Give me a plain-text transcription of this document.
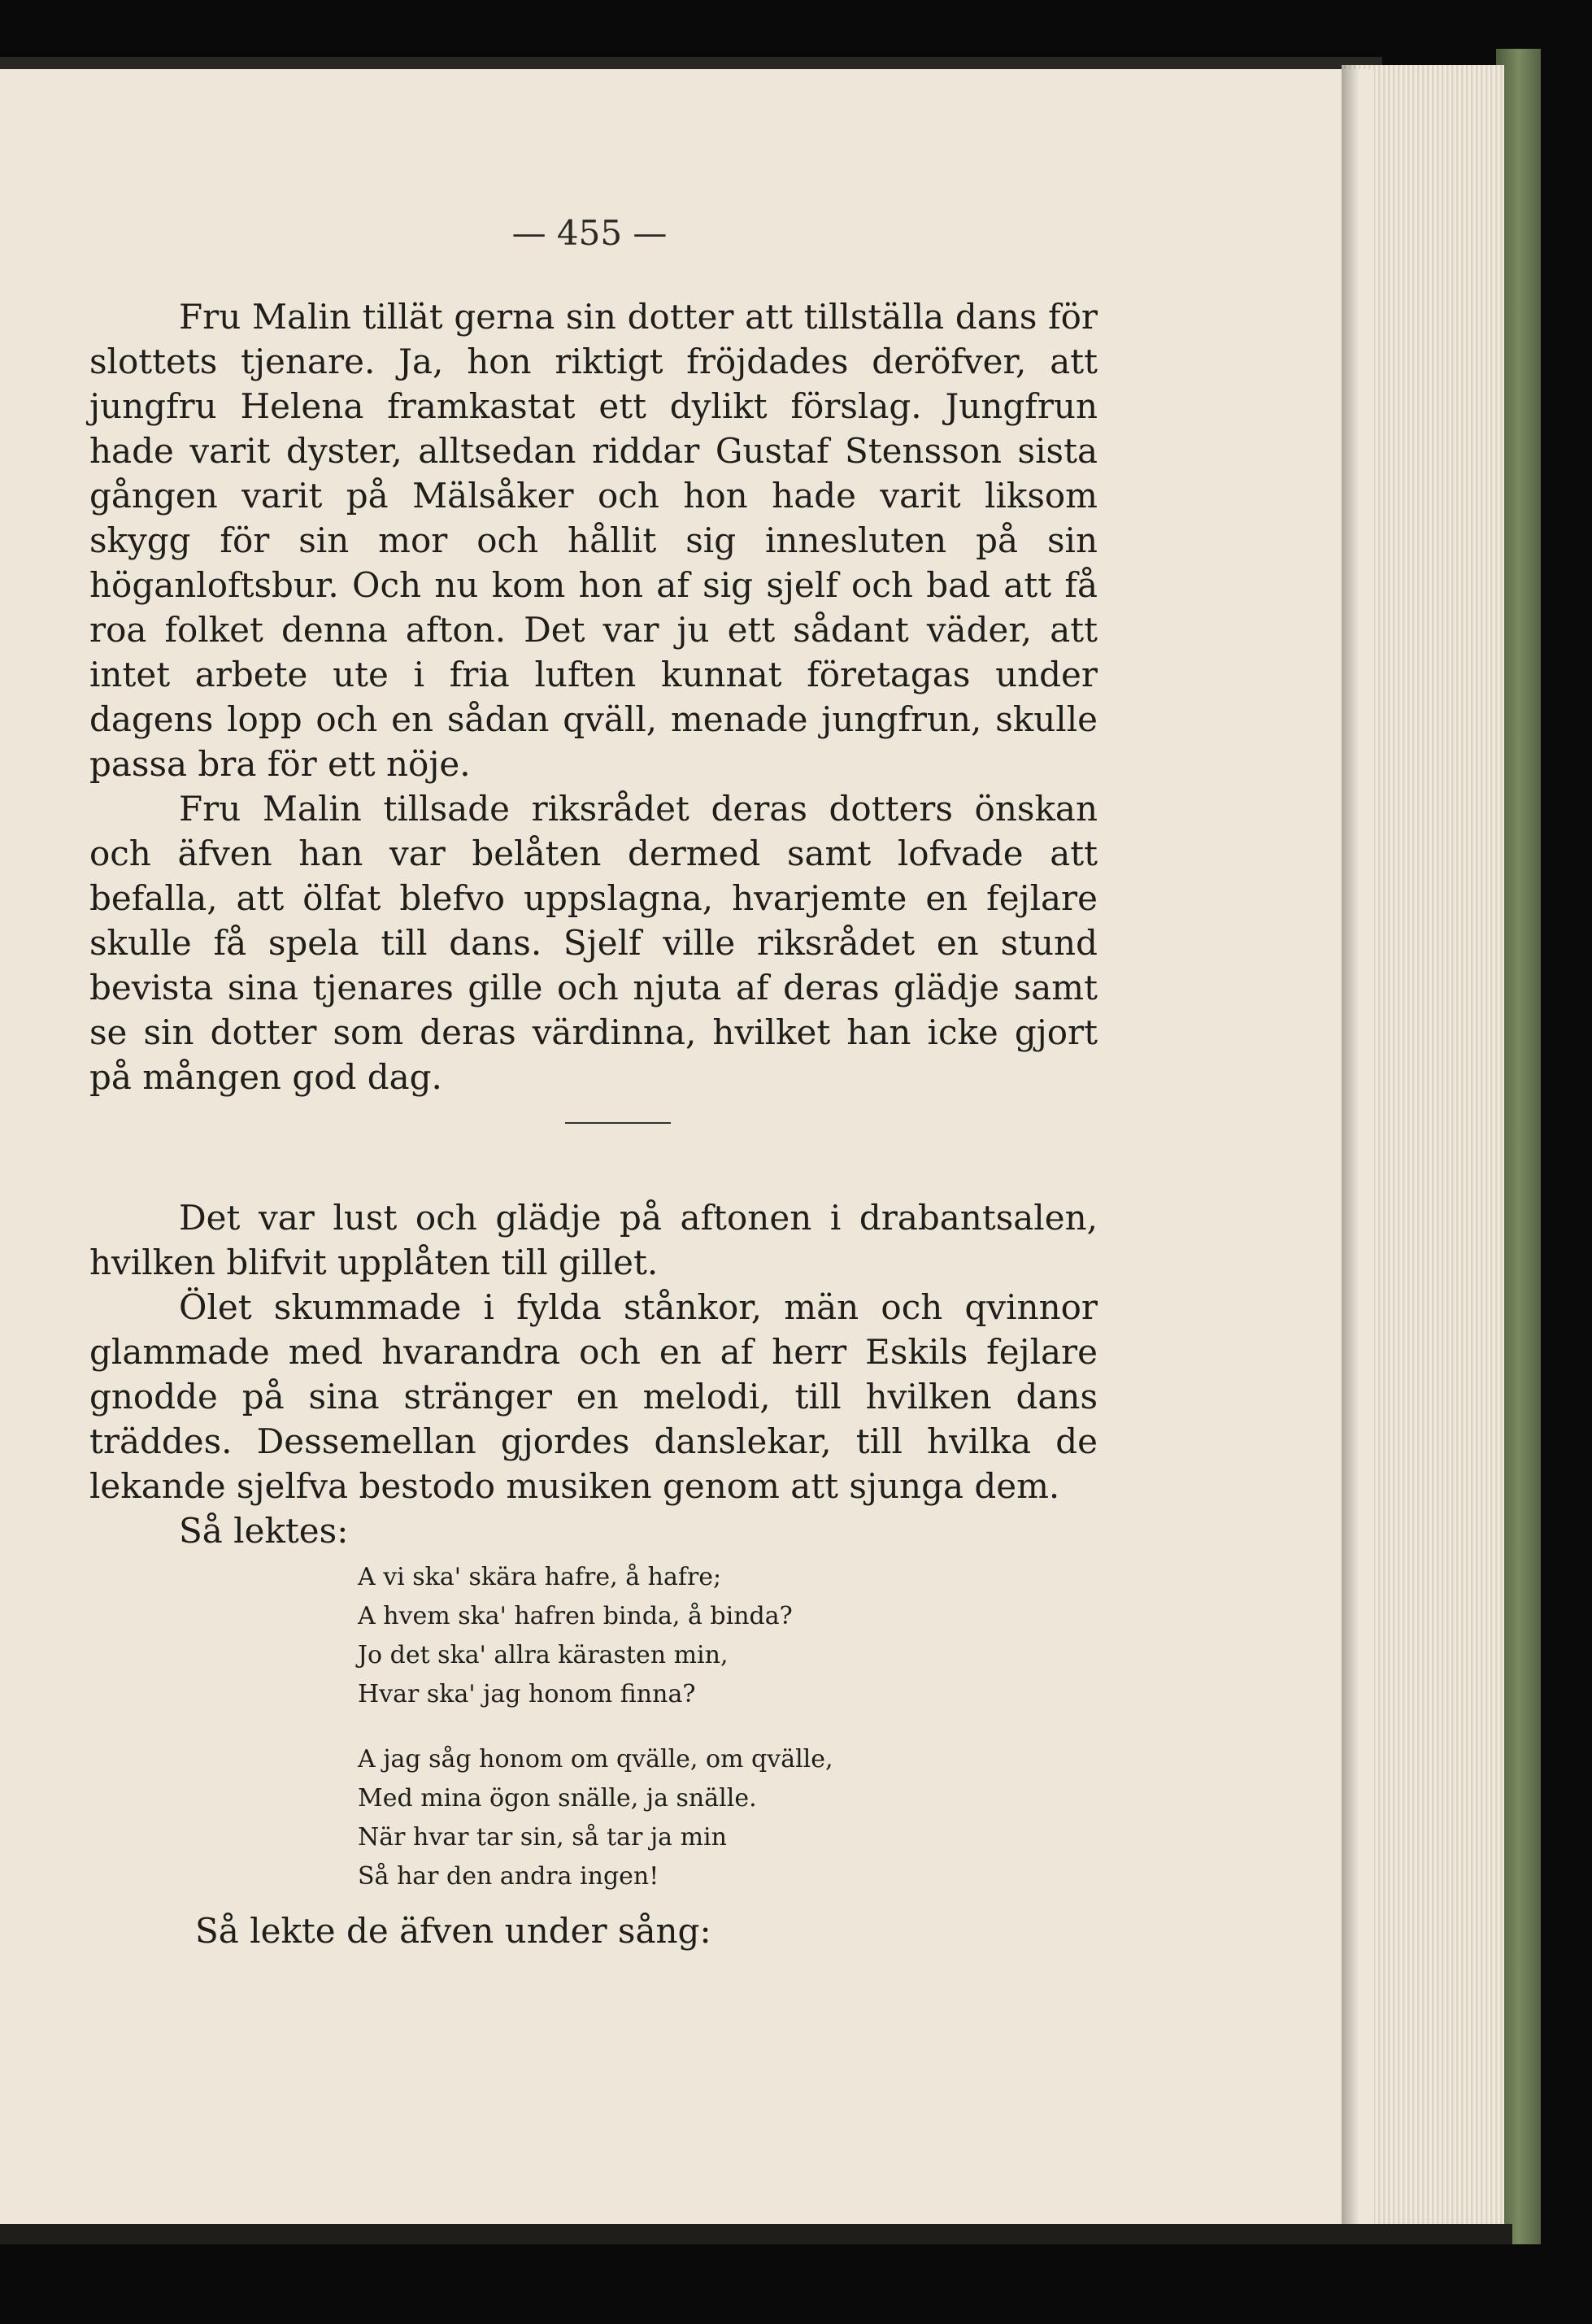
— 455 —

Fru Malin tillät gerna sin dotter att tillställa dans för slottets tjenare. Ja, hon riktigt fröjdades deröfver, att jungfru Helena framkastat ett dylikt förslag. Jungfrun hade varit dyster, alltsedan riddar Gustaf Stensson sista gången varit på Mälsåker och hon hade varit liksom skygg för sin mor och hållit sig innesluten på sin höganloftsbur. Och nu kom hon af sig sjelf och bad att få roa folket denna afton. Det var ju ett sådant väder, att intet arbete ute i fria luften kunnat företagas under dagens lopp och en sådan qväll, menade jungfrun, skulle passa bra för ett nöje.

Fru Malin tillsade riksrådet deras dotters önskan och äfven han var belåten dermed samt lofvade att befalla, att ölfat blefvo uppslagna, hvarjemte en fejlare skulle få spela till dans. Sjelf ville riksrådet en stund bevista sina tjenares gille och njuta af deras glädje samt se sin dotter som deras värdinna, hvilket han icke gjort på mången god dag.

Det var lust och glädje på aftonen i drabantsalen, hvilken blifvit upplåten till gillet.

Ölet skummade i fylda stånkor, män och qvinnor glammade med hvarandra och en af herr Eskils fejlare gnodde på sina stränger en melodi, till hvilken dans träddes. Dessemellan gjordes danslekar, till hvilka de lekande sjelfva bestodo musiken genom att sjunga dem.

Så lektes:

A vi ska' skära hafre, å hafre;
A hvem ska' hafren binda, å binda?
Jo det ska' allra kärasten min,
Hvar ska' jag honom finna?
A jag såg honom om qvälle, om qvälle,
Med mina ögon snälle, ja snälle.
När hvar tar sin, så tar ja min
Så har den andra ingen!
Så lekte de äfven under sång:
